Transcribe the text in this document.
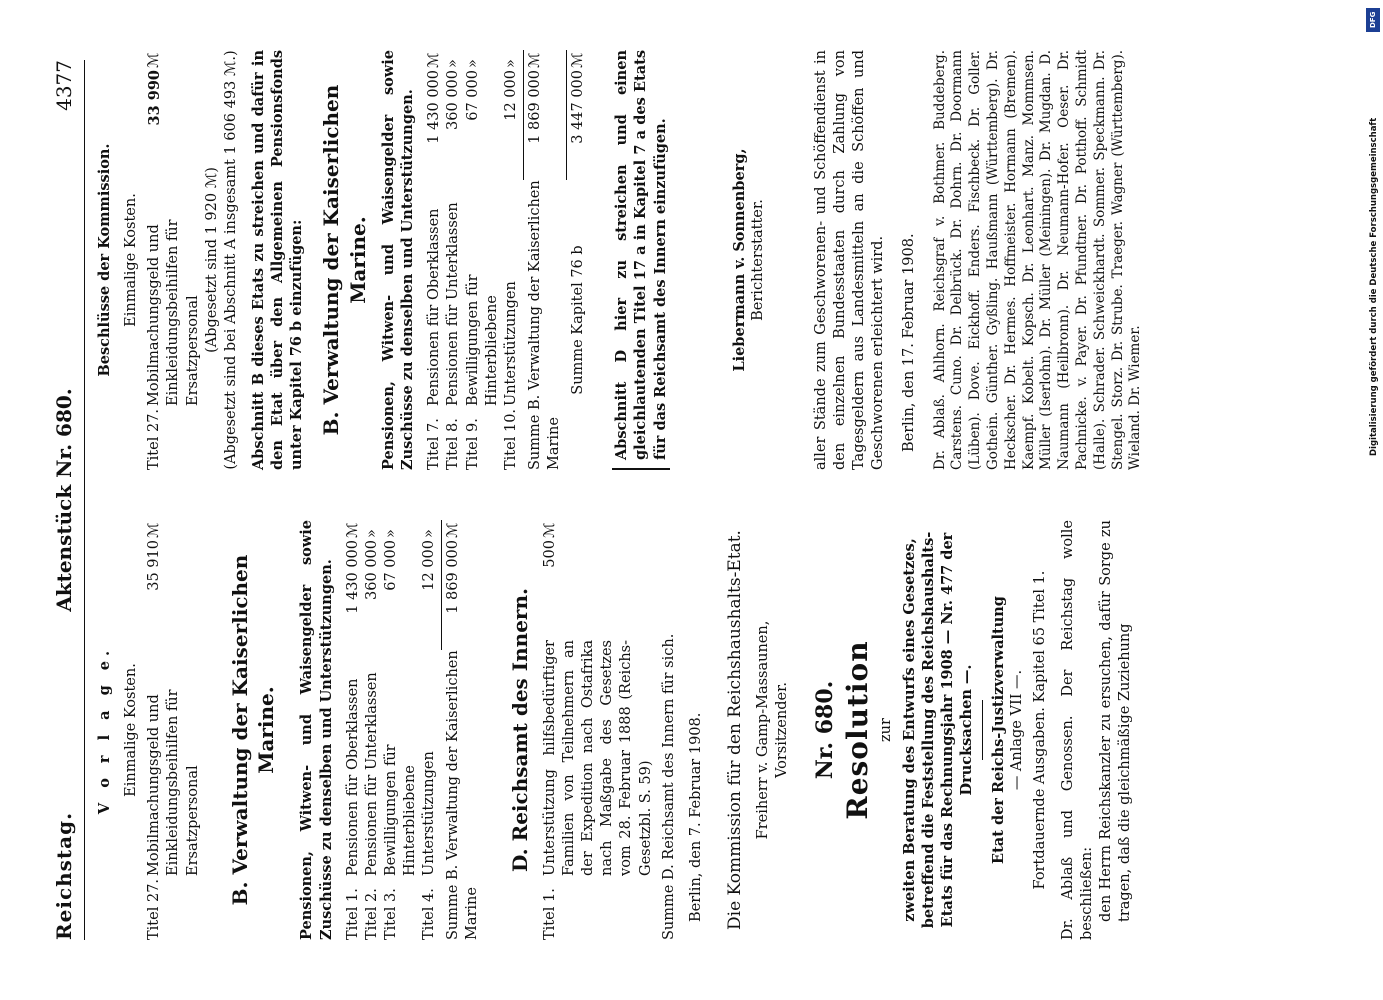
Reichstag.
Aktenstück Nr. 680.
4377
V o r l a g e. Einmalige Kosten.
Titel 27.
Mobilmachungsgeld und Einkleidungsbeihilfen für Ersatzpersonal
35 910
ℳ
B. Verwaltung der Kaiserlichen Marine. Pensionen, Witwen- und Waisengelder sowie Zuschüsse zu denselben und Unterstützungen. Titel 1.
Pensionen für Oberklassen
1 430 000
ℳ
Titel 2.
Pensionen für Unterklassen
360 000
»
Titel 3.
Bewilligungen für Hinterbliebene
67 000
»
Titel 4.
Unterstützungen
12 000
»
Summe B. Verwaltung der Kaiserlichen Marine
1 869 000
ℳ
D. Reichsamt des Innern.
Titel 1.
Unterstützung hilfsbedürftiger Familien von Teilnehmern an der Expedition nach Ostafrika nach Maßgabe des Gesetzes vom 28. Februar 1888 (Reichs-Gesetzbl. S. 59)
500
ℳ
Summe D. Reichsamt des Innern für sich. Berlin, den 7. Februar 1908. Die Kommission für den Reichshaushalts-Etat. Freiherr v. Gamp-Massaunen, Vorsitzender. Nr. 680. Resolution zur zweiten Beratung des Entwurfs eines Gesetzes, betreffend die Feststellung des Reichshaushalts-Etats für das Rechnungsjahr 1908 — Nr. 477 der Drucksachen —. Etat der Reichs-Justizverwaltung — Anlage VII —. Fortdauernde Ausgaben. Kapitel 65 Titel 1. Dr. Ablaß und Genossen. Der Reichstag wolle beschließen: den Herrn Reichskanzler zu ersuchen, dafür Sorge zu tragen, daß die gleichmäßige Zuziehung
Beschlüsse der Kommission. Einmalige Kosten.
Titel 27.
Mobilmachungsgeld und Einkleidungsbeihilfen für Ersatzpersonal
33 990
ℳ
(Abgesetzt sind 1 920 ℳ) (Abgesetzt sind bei Abschnitt A insgesamt 1 606 493 ℳ.) Abschnitt B dieses Etats zu streichen und dafür in den Etat über den Allgemeinen Pensionsfonds unter Kapitel 76 b einzufügen: B. Verwaltung der Kaiserlichen Marine. Pensionen, Witwen- und Waisengelder sowie Zuschüsse zu denselben und Unterstützungen. Titel 7.
Pensionen für Oberklassen
1 430 000
ℳ
Titel 8.
Pensionen für Unterklassen
360 000
»
Titel 9.
Bewilligungen für Hinterbliebene
67 000
»
Titel 10.
Unterstützungen
12 000
»
Summe B. Verwaltung der Kaiserlichen Marine
1 869 000
ℳ
Summe Kapitel 76 b
3 447 000
ℳ Abschnitt D hier zu streichen und einen gleichlautenden Titel 17 a in Kapitel 7 a des Etats für das Reichsamt des Innern einzufügen.	Liebermann v. Sonnenberg, Berichterstatter.	aller Stände zum Geschworenen- und Schöffendienst in den einzelnen Bundesstaaten durch Zahlung von Tagesgeldern aus Landesmitteln an die Schöffen und Geschworenen erleichtert wird. Berlin, den 17. Februar 1908. Dr. Ablaß. Ahlhorn. Reichsgraf v. Bothmer. Buddeberg. Carstens. Cuno. Dr. Delbrück. Dr. Dohrn. Dr. Doormann (Lüben). Dove. Eickhoff. Enders. Fischbeck. Dr. Goller. Gothein. Günther. Gyßling. Haußmann (Württemberg). Dr. Heckscher. Dr. Hermes. Hoffmeister. Hormann (Bremen). Kaempf. Kobelt. Kopsch. Dr. Leonhart. Manz. Mommsen. Müller (Iserlohn). Dr. Müller (Meiningen). Dr. Mugdan. D. Naumann (Heilbronn). Dr. Neumann-Hofer. Oeser. Dr. Pachnicke. v. Payer. Dr. Pfundtner. Dr. Potthoff. Schmidt (Halle). Schrader. Schweickhardt. Sommer. Speckmann. Dr. Stengel. Storz. Dr. Strube. Traeger. Wagner (Württemberg). Wieland. Dr. Wiemer.
DFG
Digitalisierung gefördert durch die Deutsche Forschungsgemeinschaft
